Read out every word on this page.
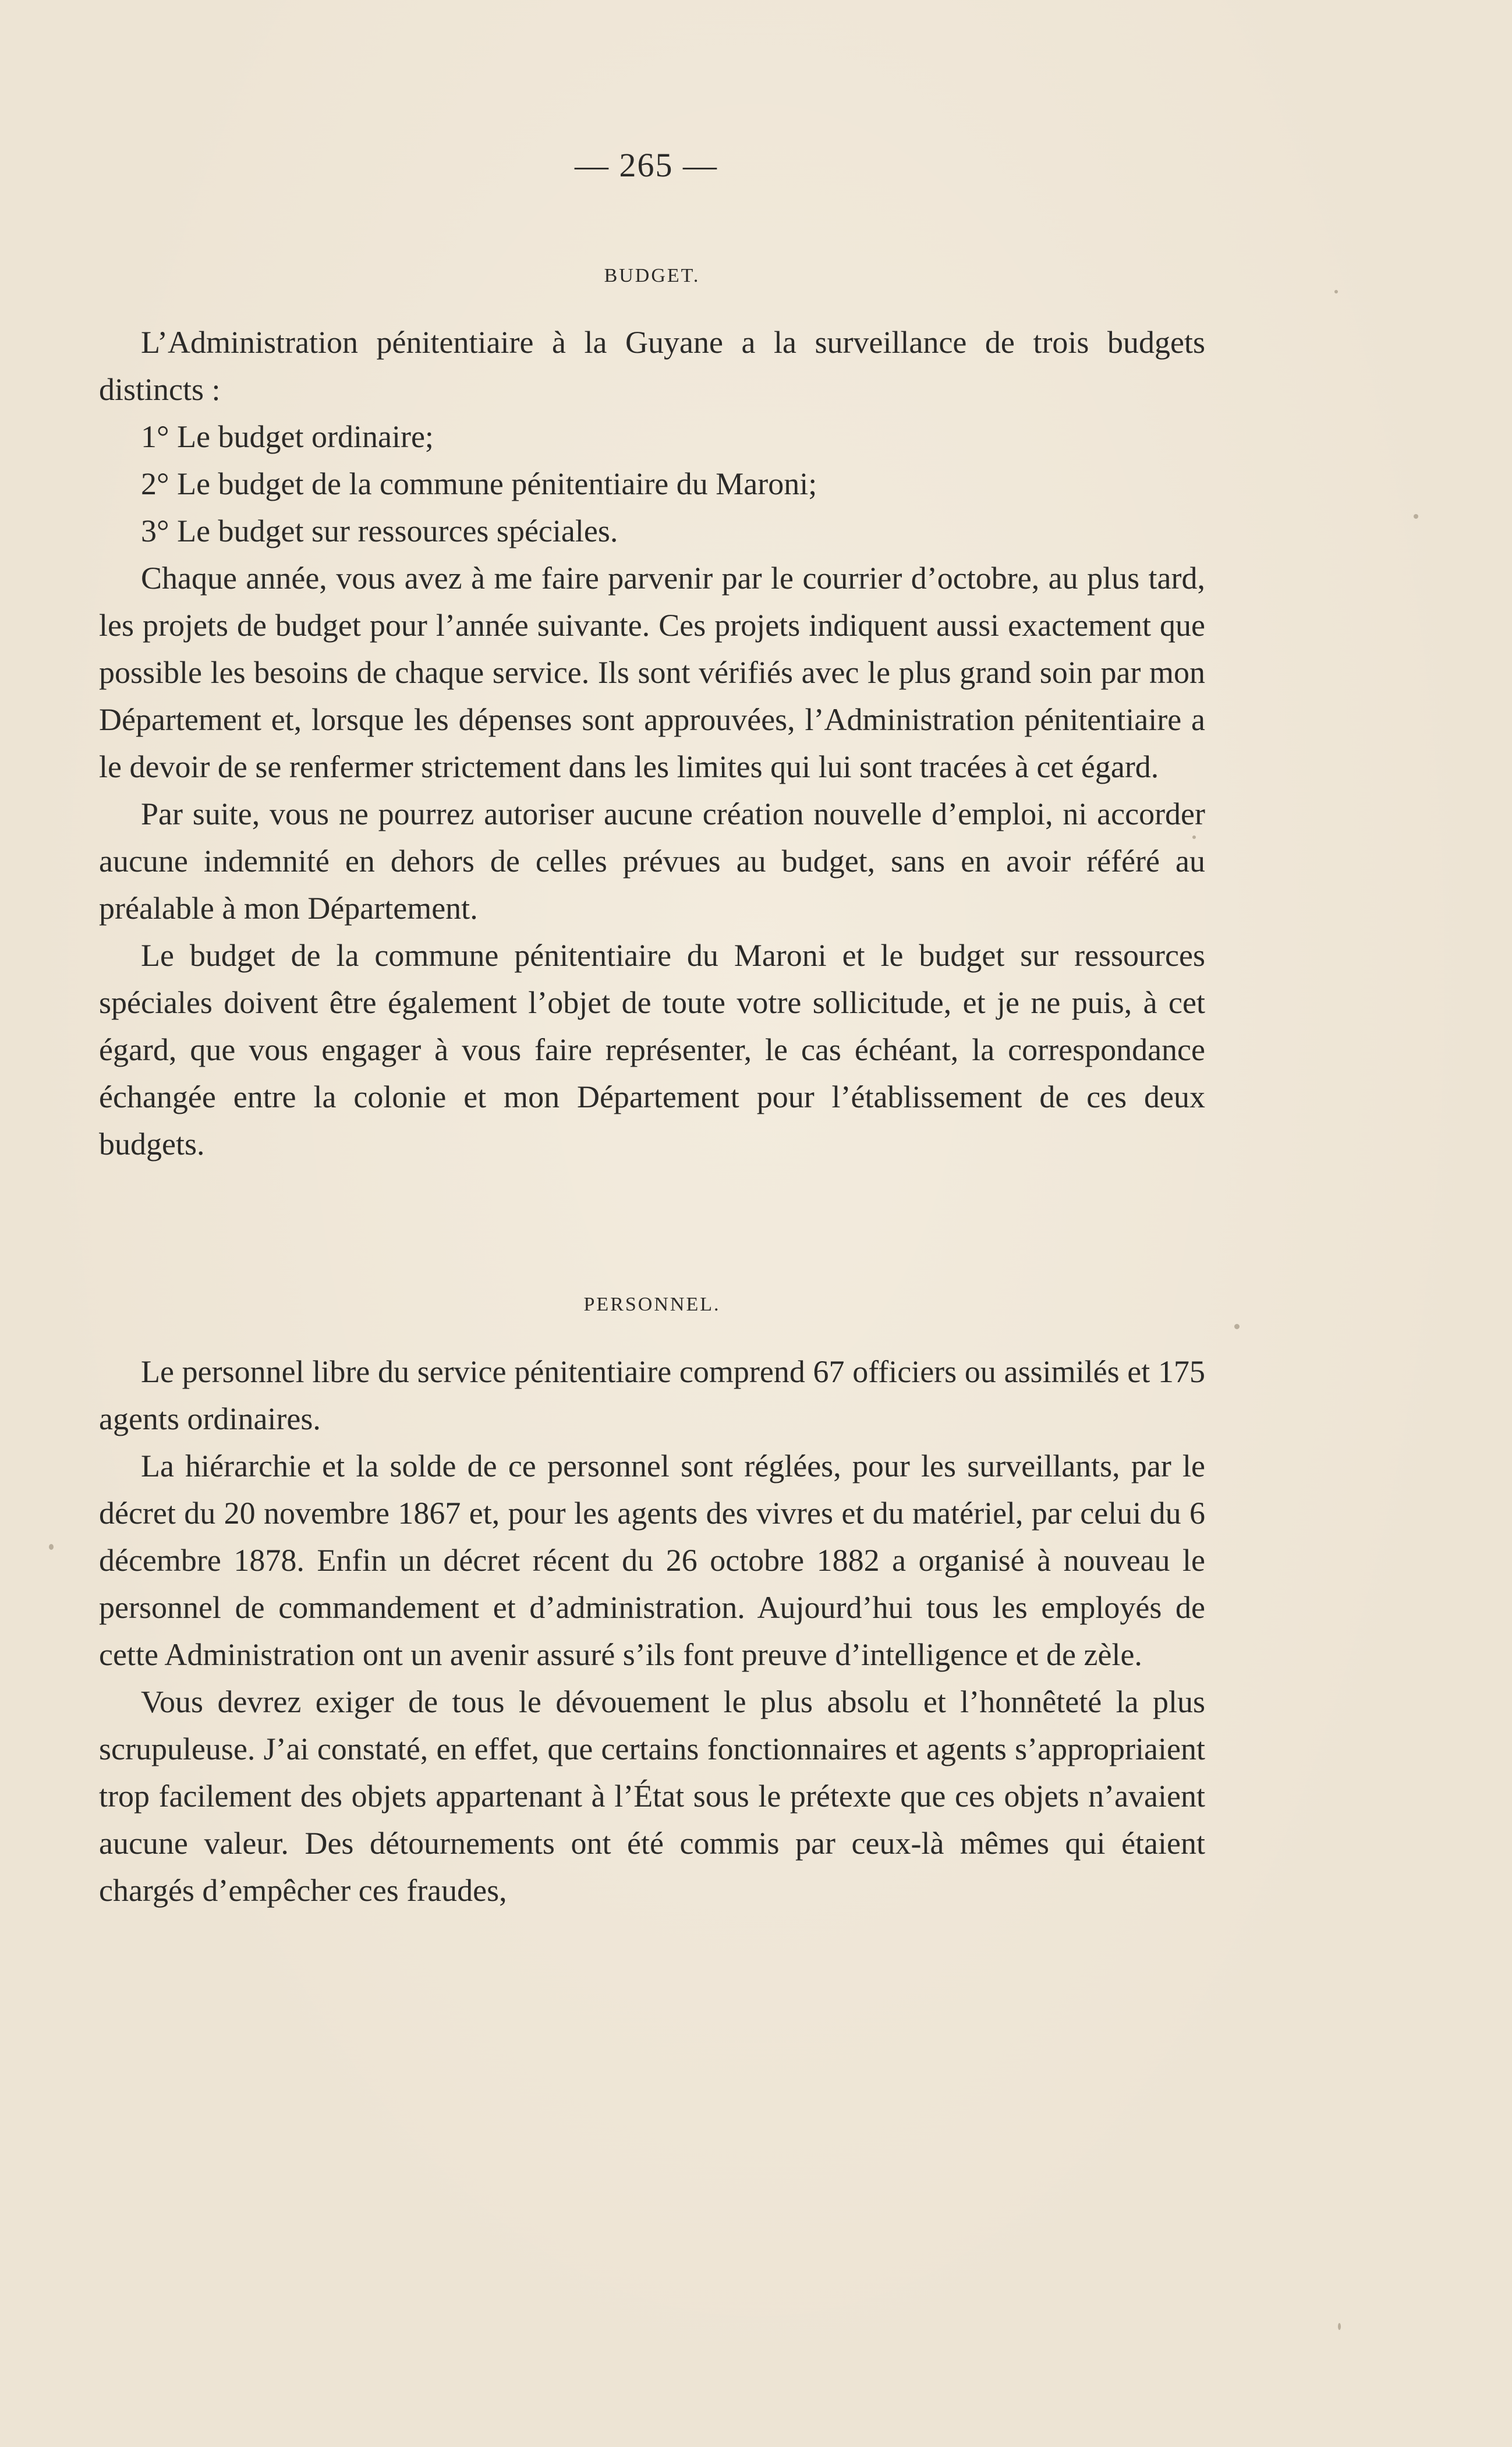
— 265 —
BUDGET.

L’Administration pénitentiaire à la Guyane a la surveillance de trois budgets distincts :

1° Le budget ordinaire;

2° Le budget de la commune pénitentiaire du Maroni;

3° Le budget sur ressources spéciales.

Chaque année, vous avez à me faire parvenir par le courrier d’octobre, au plus tard, les projets de budget pour l’année suivante. Ces projets indiquent aussi exactement que possible les besoins de chaque service. Ils sont vérifiés avec le plus grand soin par mon Département et, lorsque les dépenses sont approuvées, l’Administration pénitentiaire a le devoir de se renfermer strictement dans les limites qui lui sont tracées à cet égard.

Par suite, vous ne pourrez autoriser aucune création nouvelle d’emploi, ni accorder aucune indemnité en dehors de celles prévues au budget, sans en avoir référé au préalable à mon Département.

Le budget de la commune pénitentiaire du Maroni et le budget sur ressources spéciales doivent être également l’objet de toute votre sollicitude, et je ne puis, à cet égard, que vous engager à vous faire représenter, le cas échéant, la correspondance échangée entre la colonie et mon Département pour l’établissement de ces deux budgets.

PERSONNEL.

Le personnel libre du service pénitentiaire comprend 67 officiers ou assimilés et 175 agents ordinaires.

La hiérarchie et la solde de ce personnel sont réglées, pour les surveillants, par le décret du 20 novembre 1867 et, pour les agents des vivres et du matériel, par celui du 6 décembre 1878. Enfin un décret récent du 26 octobre 1882 a organisé à nouveau le personnel de commandement et d’administration. Aujourd’hui tous les employés de cette Administration ont un avenir assuré s’ils font preuve d’intelligence et de zèle.

Vous devrez exiger de tous le dévouement le plus absolu et l’honnêteté la plus scrupuleuse. J’ai constaté, en effet, que certains fonctionnaires et agents s’appropriaient trop facilement des objets appartenant à l’État sous le prétexte que ces objets n’avaient aucune valeur. Des détournements ont été commis par ceux-là mêmes qui étaient chargés d’empêcher ces fraudes,
